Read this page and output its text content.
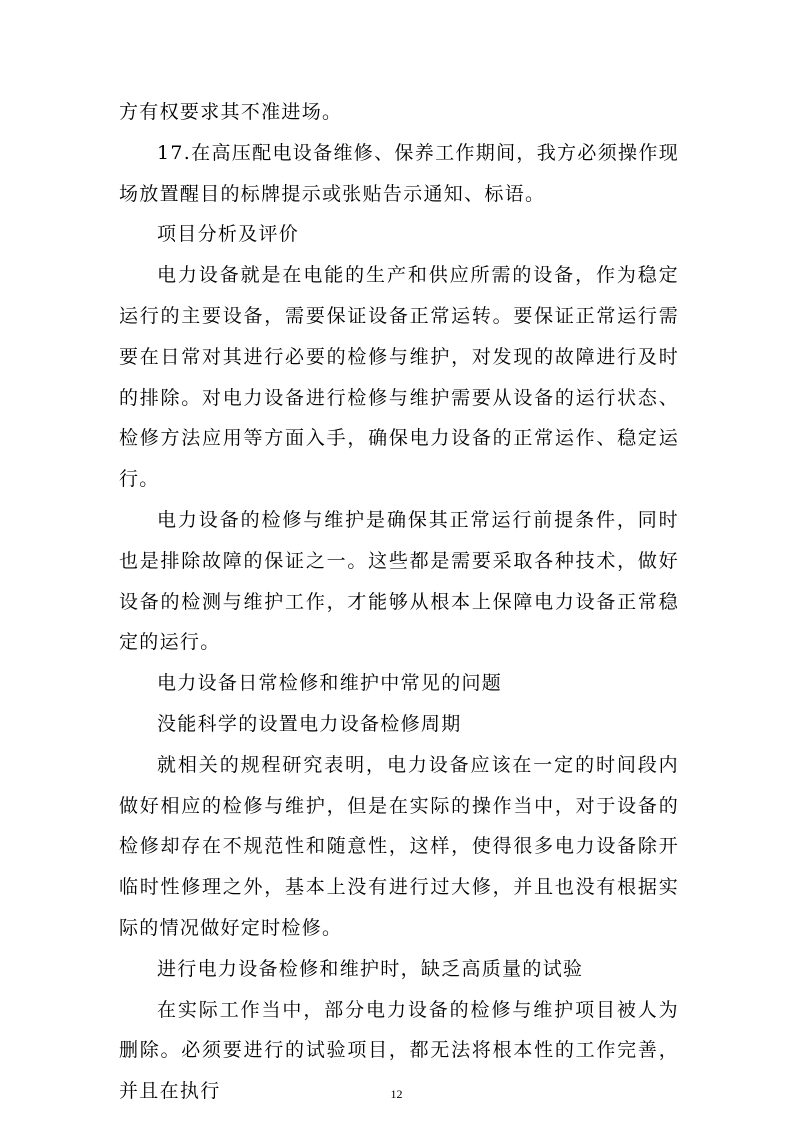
方有权要求其不准进场。

17.在高压配电设备维修、保养工作期间，我方必须操作现场放置醒目的标牌提示或张贴告示通知、标语。

项目分析及评价

电力设备就是在电能的生产和供应所需的设备，作为稳定运行的主要设备，需要保证设备正常运转。要保证正常运行需要在日常对其进行必要的检修与维护，对发现的故障进行及时的排除。对电力设备进行检修与维护需要从设备的运行状态、检修方法应用等方面入手，确保电力设备的正常运作、稳定运行。

电力设备的检修与维护是确保其正常运行前提条件，同时也是排除故障的保证之一。这些都是需要采取各种技术，做好设备的检测与维护工作，才能够从根本上保障电力设备正常稳定的运行。

电力设备日常检修和维护中常见的问题

没能科学的设置电力设备检修周期

就相关的规程研究表明，电力设备应该在一定的时间段内做好相应的检修与维护，但是在实际的操作当中，对于设备的检修却存在不规范性和随意性，这样，使得很多电力设备除开临时性修理之外，基本上没有进行过大修，并且也没有根据实际的情况做好定时检修。

进行电力设备检修和维护时，缺乏高质量的试验

在实际工作当中，部分电力设备的检修与维护项目被人为删除。必须要进行的试验项目，都无法将根本性的工作完善，并且在执行	12
